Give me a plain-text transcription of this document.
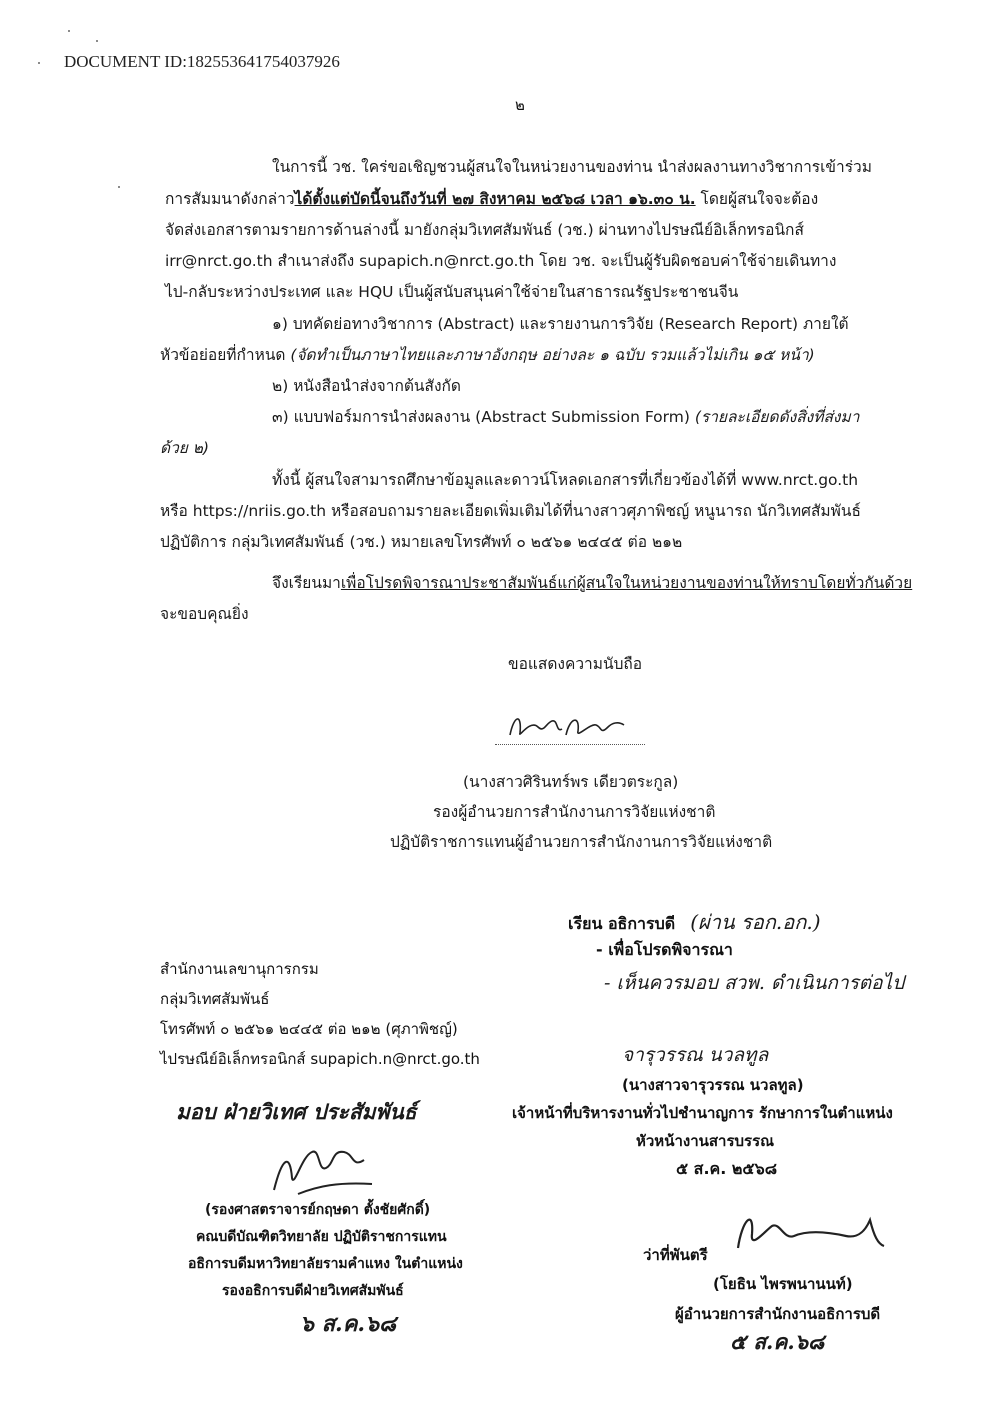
DOCUMENT ID:182553641754037926
๒
ในการนี้ วช. ใคร่ขอเชิญชวนผู้สนใจในหน่วยงานของท่าน นำส่งผลงานทางวิชาการเข้าร่วม
การสัมมนาดังกล่าวได้ตั้งแต่บัดนี้จนถึงวันที่ ๒๗ สิงหาคม ๒๕๖๘ เวลา ๑๖.๓๐ น. โดยผู้สนใจจะต้อง
จัดส่งเอกสารตามรายการด้านล่างนี้ มายังกลุ่มวิเทศสัมพันธ์ (วช.) ผ่านทางไปรษณีย์อิเล็กทรอนิกส์
irr@nrct.go.th สำเนาส่งถึง supapich.n@nrct.go.th โดย วช. จะเป็นผู้รับผิดชอบค่าใช้จ่ายเดินทาง
ไป-กลับระหว่างประเทศ และ HQU เป็นผู้สนับสนุนค่าใช้จ่ายในสาธารณรัฐประชาชนจีน
๑) บทคัดย่อทางวิชาการ (Abstract) และรายงานการวิจัย (Research Report) ภายใต้
หัวข้อย่อยที่กำหนด (จัดทำเป็นภาษาไทยและภาษาอังกฤษ อย่างละ ๑ ฉบับ รวมแล้วไม่เกิน ๑๕ หน้า)
๒) หนังสือนำส่งจากต้นสังกัด
๓) แบบฟอร์มการนำส่งผลงาน (Abstract Submission Form) (รายละเอียดดังสิ่งที่ส่งมา
ด้วย ๒)
ทั้งนี้ ผู้สนใจสามารถศึกษาข้อมูลและดาวน์โหลดเอกสารที่เกี่ยวข้องได้ที่ www.nrct.go.th
หรือ https://nriis.go.th หรือสอบถามรายละเอียดเพิ่มเติมได้ที่นางสาวศุภาพิชญ์ หนูนารถ นักวิเทศสัมพันธ์
ปฏิบัติการ กลุ่มวิเทศสัมพันธ์ (วช.) หมายเลขโทรศัพท์ ๐ ๒๕๖๑ ๒๔๔๕ ต่อ ๒๑๒
จึงเรียนมาเพื่อโปรดพิจารณาประชาสัมพันธ์แก่ผู้สนใจในหน่วยงานของท่านให้ทราบโดยทั่วกันด้วย
จะขอบคุณยิ่ง
ขอแสดงความนับถือ
(นางสาวศิรินทร์พร เดียวตระกูล)
รองผู้อำนวยการสำนักงานการวิจัยแห่งชาติ
ปฏิบัติราชการแทนผู้อำนวยการสำนักงานการวิจัยแห่งชาติ
เรียน อธิการบดี (ผ่าน รอก.อก.)
- เพื่อโปรดพิจารณา
- เห็นควรมอบ สวพ. ดำเนินการต่อไป
จารุวรรณ นวลทูล
(นางสาวจารุวรรณ นวลทูล)
เจ้าหน้าที่บริหารงานทั่วไปชำนาญการ รักษาการในตำแหน่ง
หัวหน้างานสารบรรณ
๕ ส.ค. ๒๕๖๘
สำนักงานเลขานุการกรม
กลุ่มวิเทศสัมพันธ์
โทรศัพท์ ๐ ๒๕๖๑ ๒๔๔๕ ต่อ ๒๑๒ (ศุภาพิชญ์)
ไปรษณีย์อิเล็กทรอนิกส์ supapich.n@nrct.go.th
มอบ ฝ่ายวิเทศ ประสัมพันธ์
(รองศาสตราจารย์กฤษดา ตั้งชัยศักดิ์)
คณบดีบัณฑิตวิทยาลัย ปฏิบัติราชการแทน
อธิการบดีมหาวิทยาลัยรามคำแหง ในตำแหน่ง
รองอธิการบดีฝ่ายวิเทศสัมพันธ์
๖ ส.ค.๖๘
ว่าที่พันตรี
(โยธิน ไพรพนานนท์)
ผู้อำนวยการสำนักงานอธิการบดี
๕ ส.ค.๖๘
